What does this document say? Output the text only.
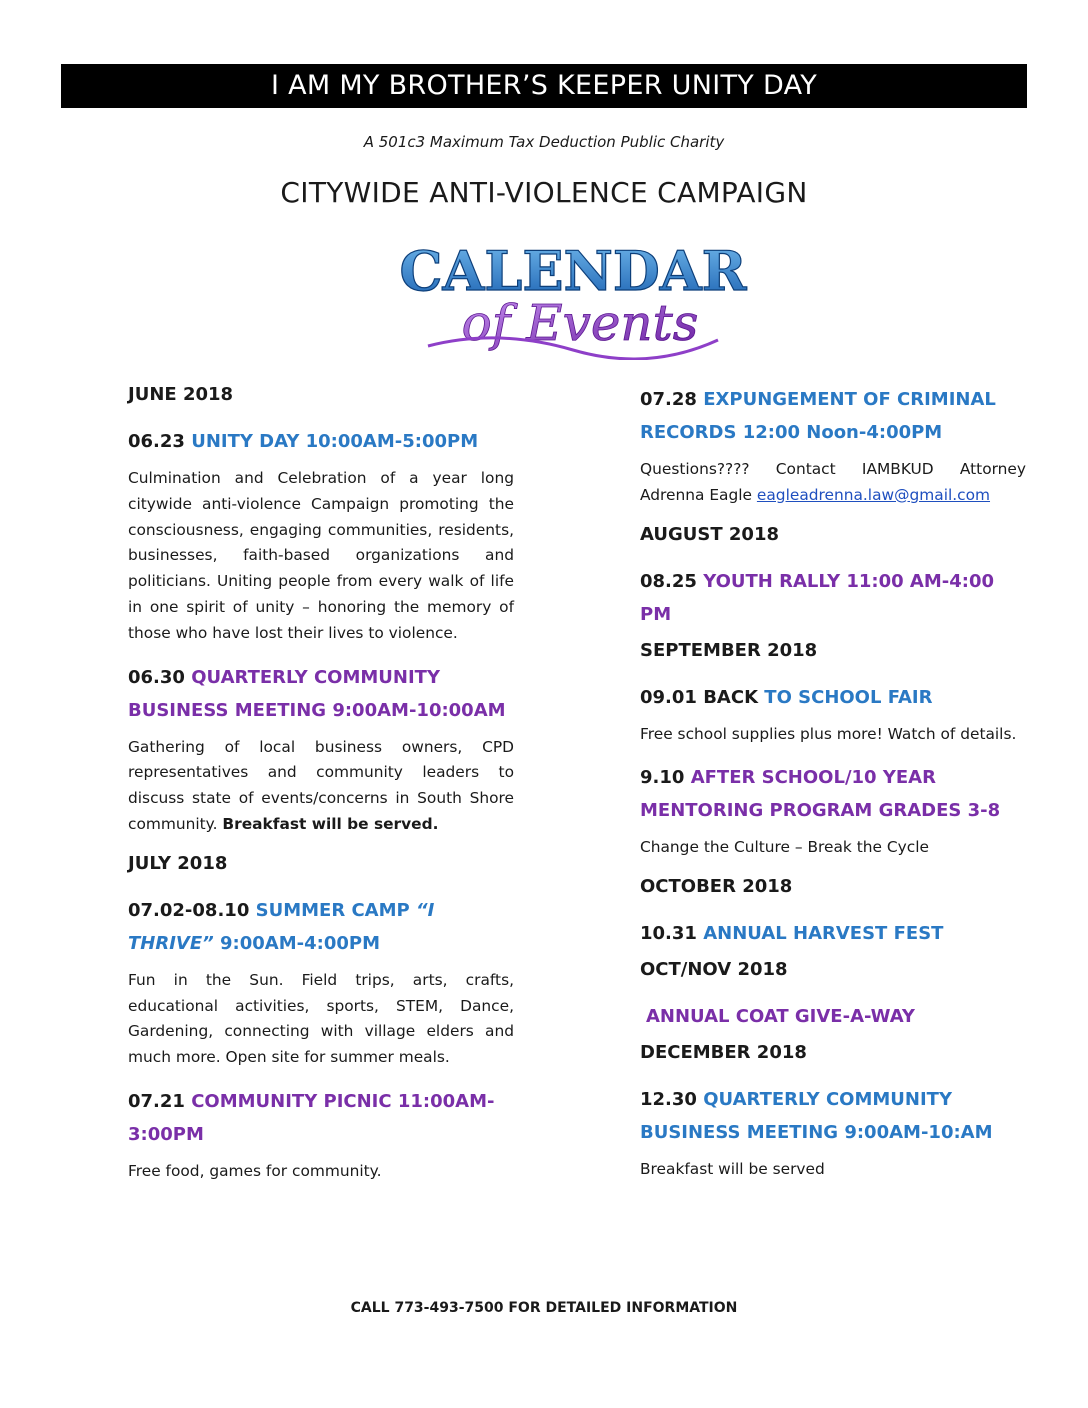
I AM MY BROTHER’S KEEPER UNITY DAY
A 501c3 Maximum Tax Deduction Public Charity
CITYWIDE ANTI-VIOLENCE CAMPAIGN
CALENDAR
of Events
JUNE 2018
06.23 UNITY DAY 10:00AM-5:00PM
Culmination and Celebration of a year long citywide anti-violence Campaign promoting the consciousness, engaging communities, residents, businesses, faith-based organizations and politicians. Uniting people from every walk of life in one spirit of unity – honoring the memory of those who have lost their lives to violence.
06.30 QUARTERLY COMMUNITY BUSINESS MEETING 9:00AM-10:00AM
Gathering of local business owners, CPD representatives and community leaders to discuss state of events/concerns in South Shore community. Breakfast will be served.
JULY 2018
07.02-08.10 SUMMER CAMP “I THRIVE” 9:00AM-4:00PM
Fun in the Sun. Field trips, arts, crafts, educational activities, sports, STEM, Dance, Gardening, connecting with village elders and much more. Open site for summer meals.
07.21 COMMUNITY PICNIC 11:00AM-3:00PM
Free food, games for community.
07.28 EXPUNGEMENT OF CRIMINAL RECORDS 12:00 Noon-4:00PM
Questions???? Contact IAMBKUD Attorney Adrenna Eagle eagleadrenna.law@gmail.com
AUGUST 2018
08.25 YOUTH RALLY 11:00 AM-4:00 PM
SEPTEMBER 2018
09.01 BACK TO SCHOOL FAIR
Free school supplies plus more! Watch of details.
9.10 AFTER SCHOOL/10 YEAR MENTORING PROGRAM GRADES 3-8
Change the Culture – Break the Cycle
OCTOBER 2018
10.31 ANNUAL HARVEST FEST
OCT/NOV 2018
ANNUAL COAT GIVE-A-WAY
DECEMBER 2018
12.30 QUARTERLY COMMUNITY BUSINESS MEETING 9:00AM-10:AM
Breakfast will be served
CALL 773-493-7500 FOR DETAILED INFORMATION
